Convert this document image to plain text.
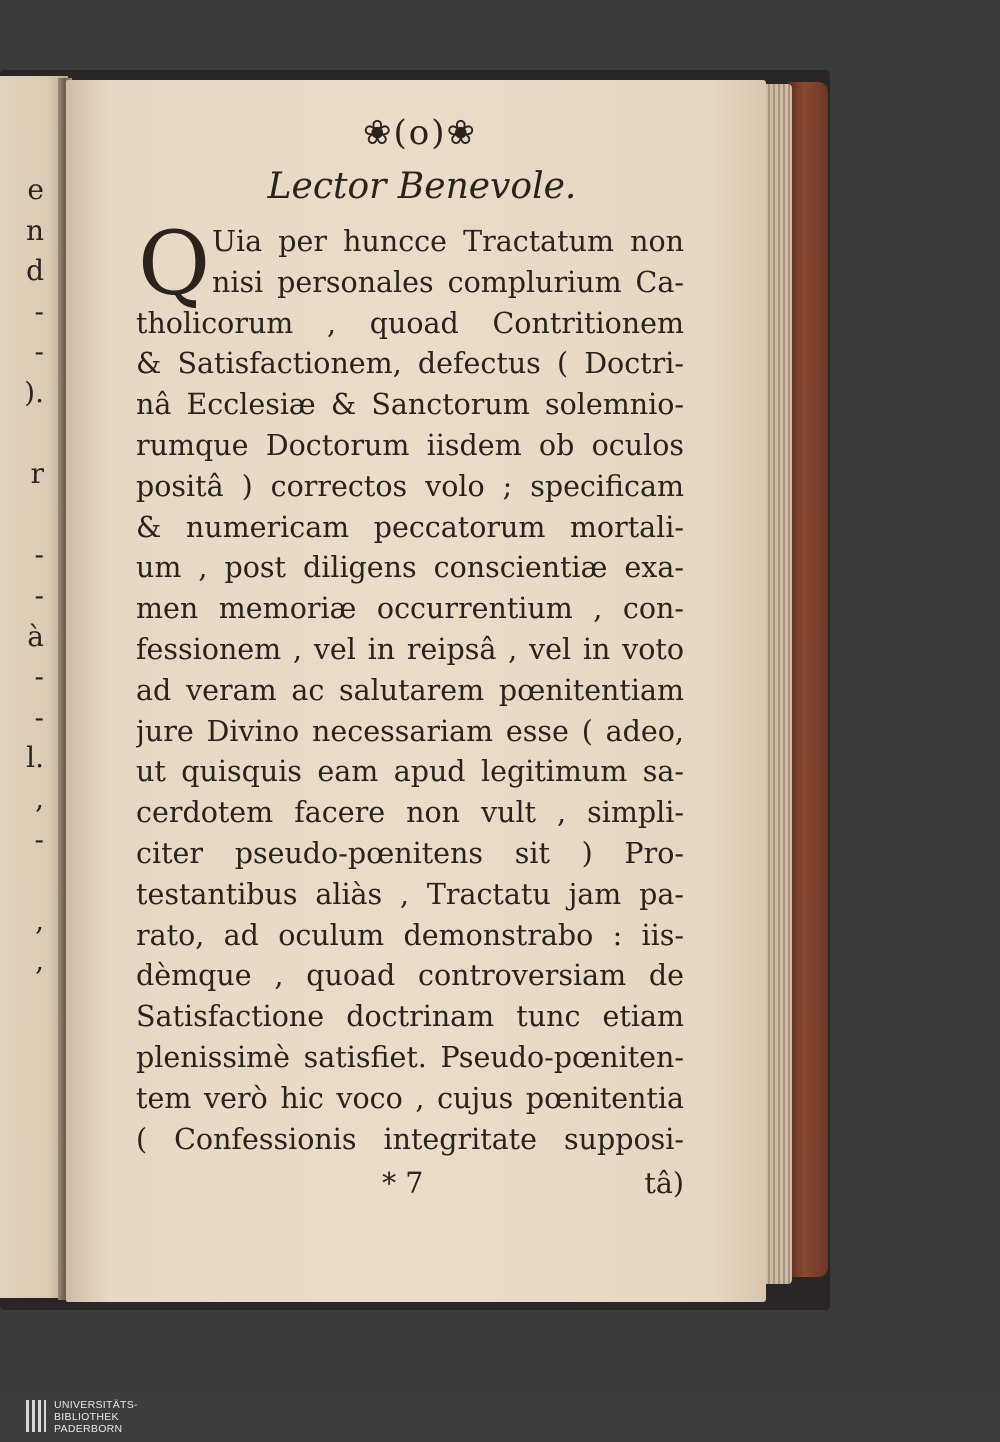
e
n
d
-
-
).
r
-
-
à
-
-
l.
,
-
,
,
❀(o)❀
Lector Benevole.
Q Uia per huncce Tractatum non
nisi personales complurium Ca-
tholicorum , quoad Contritionem
& Satisfactionem, defectus ( Doctri-
nâ Ecclesiæ & Sanctorum solemnio-
rumque Doctorum iisdem ob oculos
positâ ) correctos volo ; specificam
& numericam peccatorum mortali-
um , post diligens conscientiæ exa-
men memoriæ occurrentium , con-
fessionem , vel in reipsâ , vel in voto
ad veram ac salutarem pœnitentiam
jure Divino necessariam esse ( adeo,
ut quisquis eam apud legitimum sa-
cerdotem facere non vult , simpli-
citer pseudo-pœnitens sit ) Pro-
testantibus aliàs , Tractatu jam pa-
rato, ad oculum demonstrabo : iis-
dèmque , quoad controversiam de
Satisfactione doctrinam tunc etiam
plenissimè satisfiet. Pseudo-pœniten-
tem verò hic voco , cujus pœnitentia
( Confessionis integritate supposi-
* 7	tâ)
UNIVERSITÄTS-
BIBLIOTHEK
PADERBORN
